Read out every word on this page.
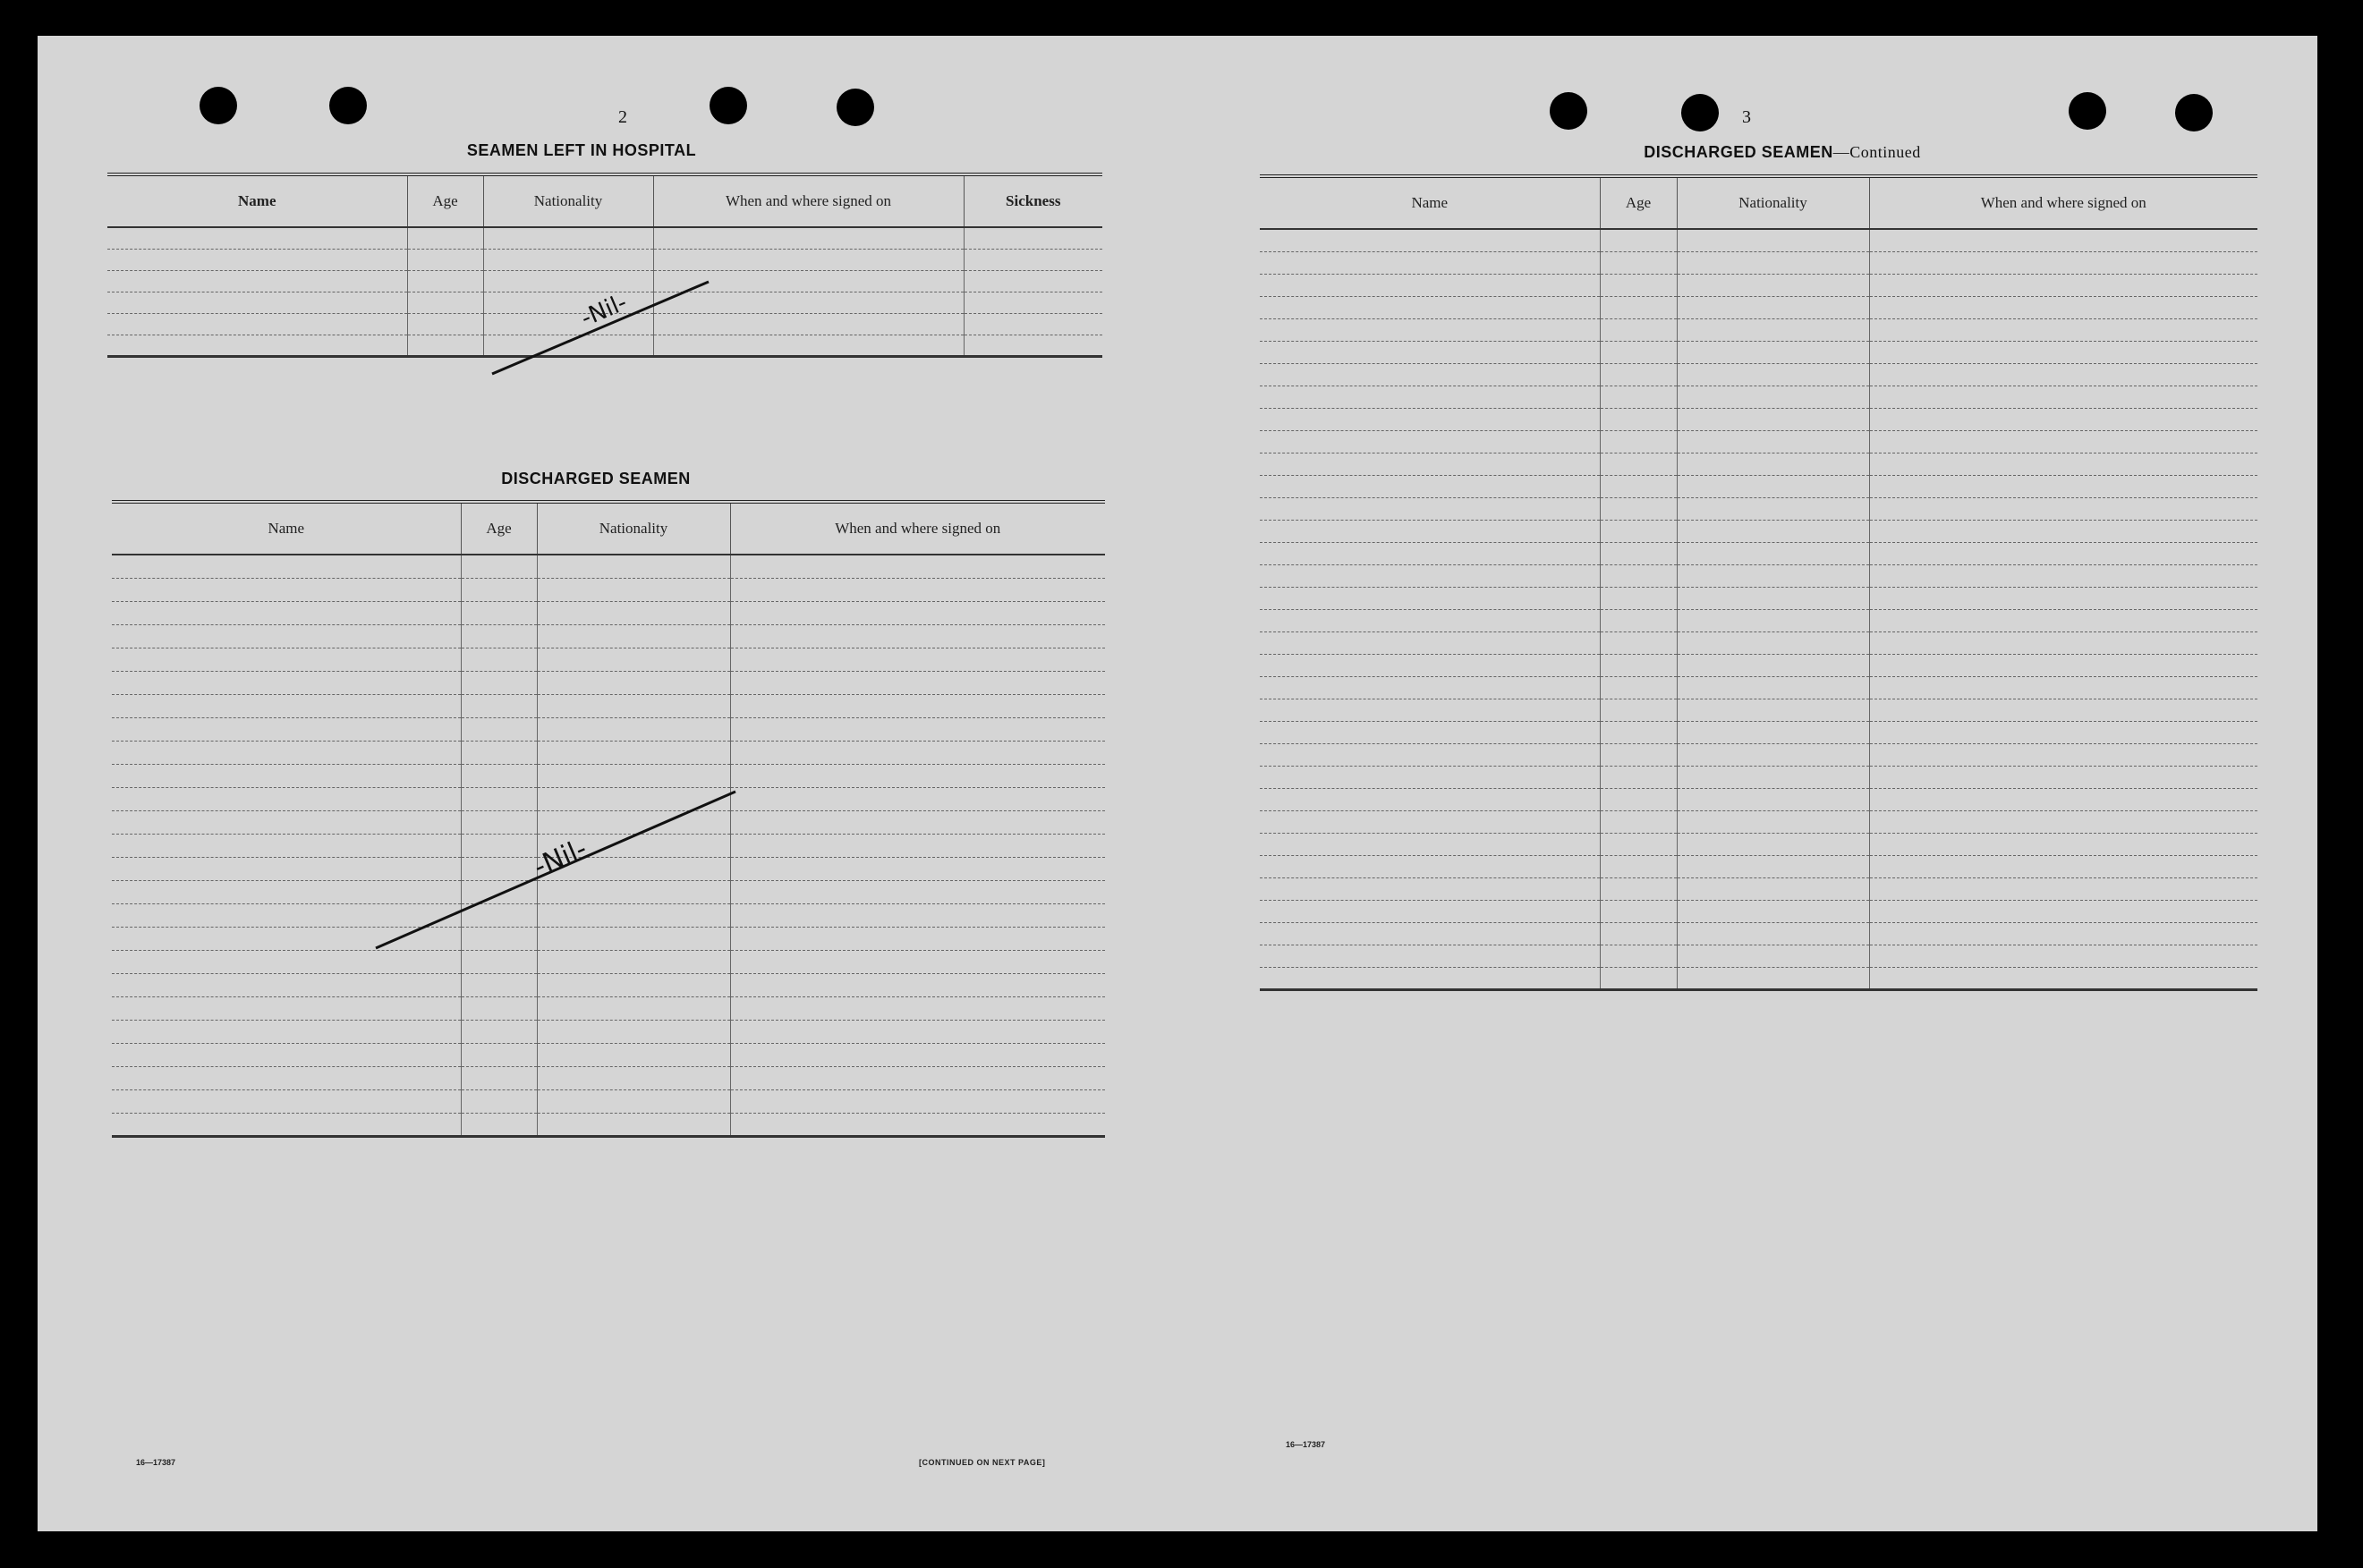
2
SEAMEN LEFT IN HOSPITAL
Name	Age	Nationality	When and where signed on	Sickness

DISCHARGED SEAMEN
Name	Age	Nationality	When and where signed on

16—17387	[CONTINUED ON NEXT PAGE]
-Nil-
-Nil-
3
DISCHARGED SEAMEN—Continued
Name	Age	Nationality	When and where signed on

16—17387
